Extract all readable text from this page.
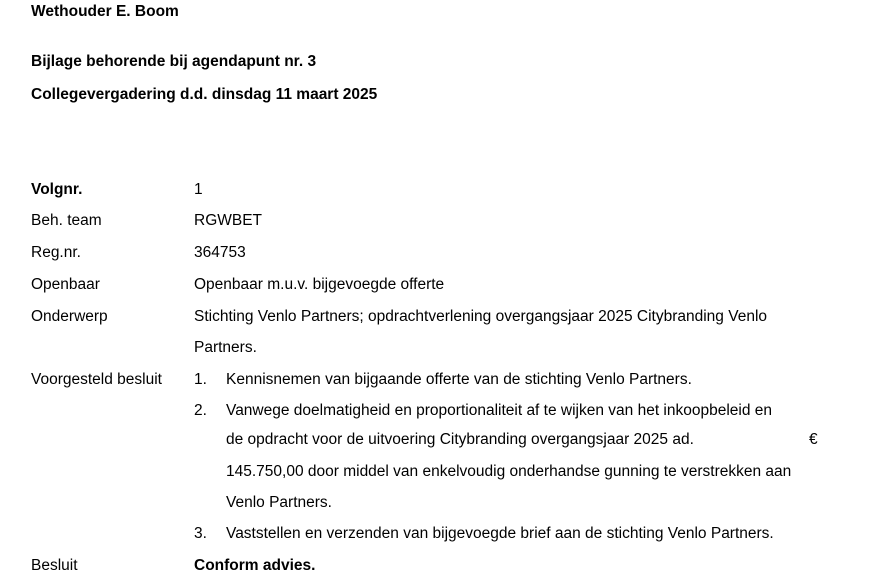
Wethouder E. Boom
Bijlage behorende bij agendapunt nr. 3
Collegevergadering d.d. dinsdag 11 maart 2025
Volgnr.	1
Beh. team	RGWBET
Reg.nr.	364753
Openbaar	Openbaar m.u.v. bijgevoegde offerte
Onderwerp	Stichting Venlo Partners; opdrachtverlening overgangsjaar 2025 Citybranding Venlo
Partners.
Voorgesteld besluit 1. Kennisnemen van bijgaande offerte van de stichting Venlo Partners.
2. Vanwege doelmatigheid en proportionaliteit af te wijken van het inkoopbeleid en
de opdracht voor de uitvoering Citybranding overgangsjaar 2025 ad.	€
145.750,00 door middel van enkelvoudig onderhandse gunning te verstrekken aan
Venlo Partners.
3. Vaststellen en verzenden van bijgevoegde brief aan de stichting Venlo Partners.
Besluit	Conform advies.
